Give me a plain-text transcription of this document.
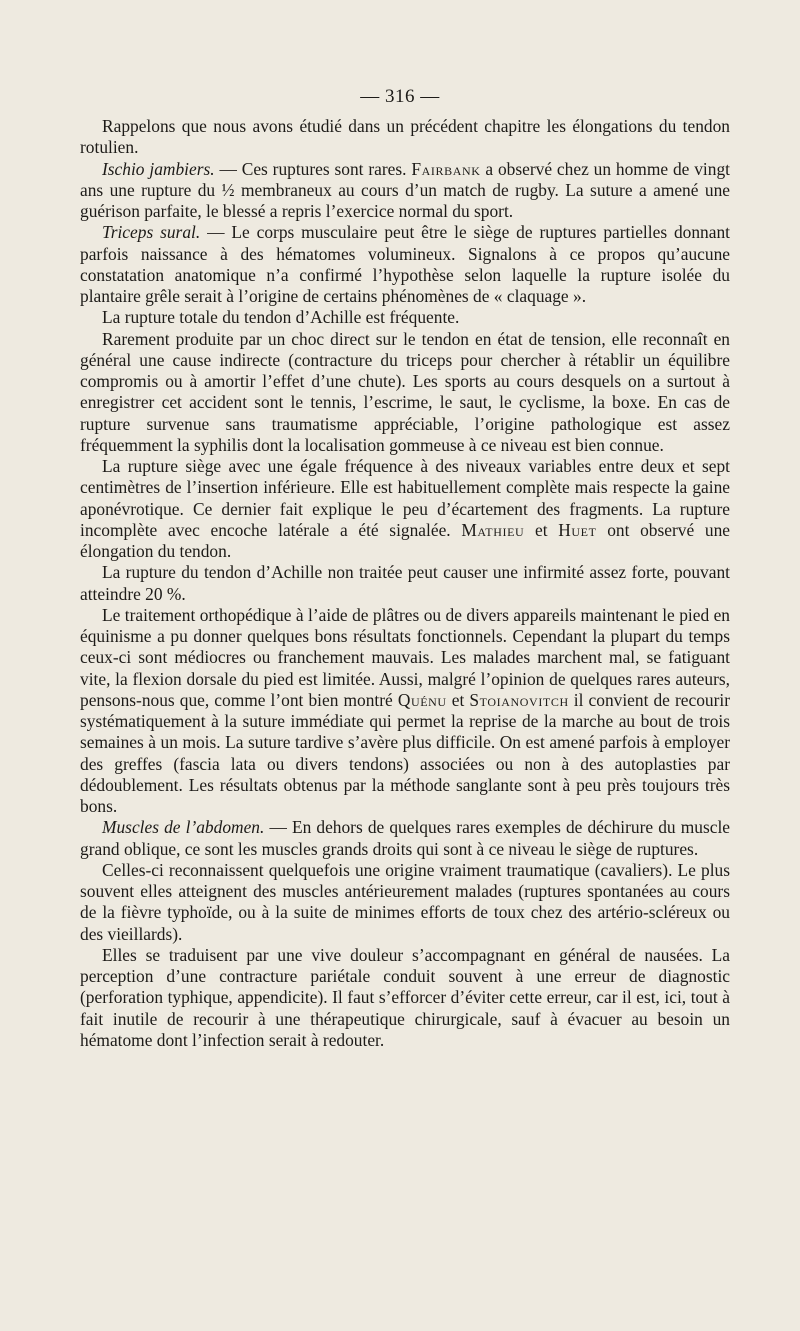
— 316 —

Rappelons que nous avons étudié dans un précédent chapitre les élongations du tendon rotulien.

Ischio jambiers. — Ces ruptures sont rares. Fairbank a observé chez un homme de vingt ans une rupture du ½ membraneux au cours d’un match de rugby. La suture a amené une guérison parfaite, le blessé a repris l’exercice normal du sport.

Triceps sural. — Le corps musculaire peut être le siège de ruptures partielles donnant parfois naissance à des hématomes volumineux. Signalons à ce propos qu’aucune constatation anatomique n’a confirmé l’hypothèse selon laquelle la rupture isolée du plantaire grêle serait à l’origine de certains phénomènes de « claquage ».

La rupture totale du tendon d’Achille est fréquente.

Rarement produite par un choc direct sur le tendon en état de tension, elle reconnaît en général une cause indirecte (contracture du triceps pour chercher à rétablir un équilibre compromis ou à amortir l’effet d’une chute). Les sports au cours desquels on a surtout à enregistrer cet accident sont le tennis, l’escrime, le saut, le cyclisme, la boxe. En cas de rupture survenue sans traumatisme appréciable, l’origine pathologique est assez fréquemment la syphilis dont la localisation gommeuse à ce niveau est bien connue.

La rupture siège avec une égale fréquence à des niveaux variables entre deux et sept centimètres de l’insertion inférieure. Elle est habituellement complète mais respecte la gaine aponévrotique. Ce dernier fait explique le peu d’écartement des fragments. La rupture incomplète avec encoche latérale a été signalée. Mathieu et Huet ont observé une élongation du tendon.

La rupture du tendon d’Achille non traitée peut causer une infirmité assez forte, pouvant atteindre 20 %.

Le traitement orthopédique à l’aide de plâtres ou de divers appareils maintenant le pied en équinisme a pu donner quelques bons résultats fonctionnels. Cependant la plupart du temps ceux-ci sont médiocres ou franchement mauvais. Les malades marchent mal, se fatiguant vite, la flexion dorsale du pied est limitée. Aussi, malgré l’opinion de quelques rares auteurs, pensons-nous que, comme l’ont bien montré Quénu et Stoianovitch il convient de recourir systématiquement à la suture immédiate qui permet la reprise de la marche au bout de trois semaines à un mois. La suture tardive s’avère plus difficile. On est amené parfois à employer des greffes (fascia lata ou divers tendons) associées ou non à des autoplasties par dédoublement. Les résultats obtenus par la méthode sanglante sont à peu près toujours très bons.

Muscles de l’abdomen. — En dehors de quelques rares exemples de déchirure du muscle grand oblique, ce sont les muscles grands droits qui sont à ce niveau le siège de ruptures.

Celles-ci reconnaissent quelquefois une origine vraiment traumatique (cavaliers). Le plus souvent elles atteignent des muscles antérieurement malades (ruptures spontanées au cours de la fièvre typhoïde, ou à la suite de minimes efforts de toux chez des artério-scléreux ou des vieillards).

Elles se traduisent par une vive douleur s’accompagnant en général de nausées. La perception d’une contracture pariétale conduit souvent à une erreur de diagnostic (perforation typhique, appendicite). Il faut s’efforcer d’éviter cette erreur, car il est, ici, tout à fait inutile de recourir à une thérapeutique chirurgicale, sauf à évacuer au besoin un hématome dont l’infection serait à redouter.
